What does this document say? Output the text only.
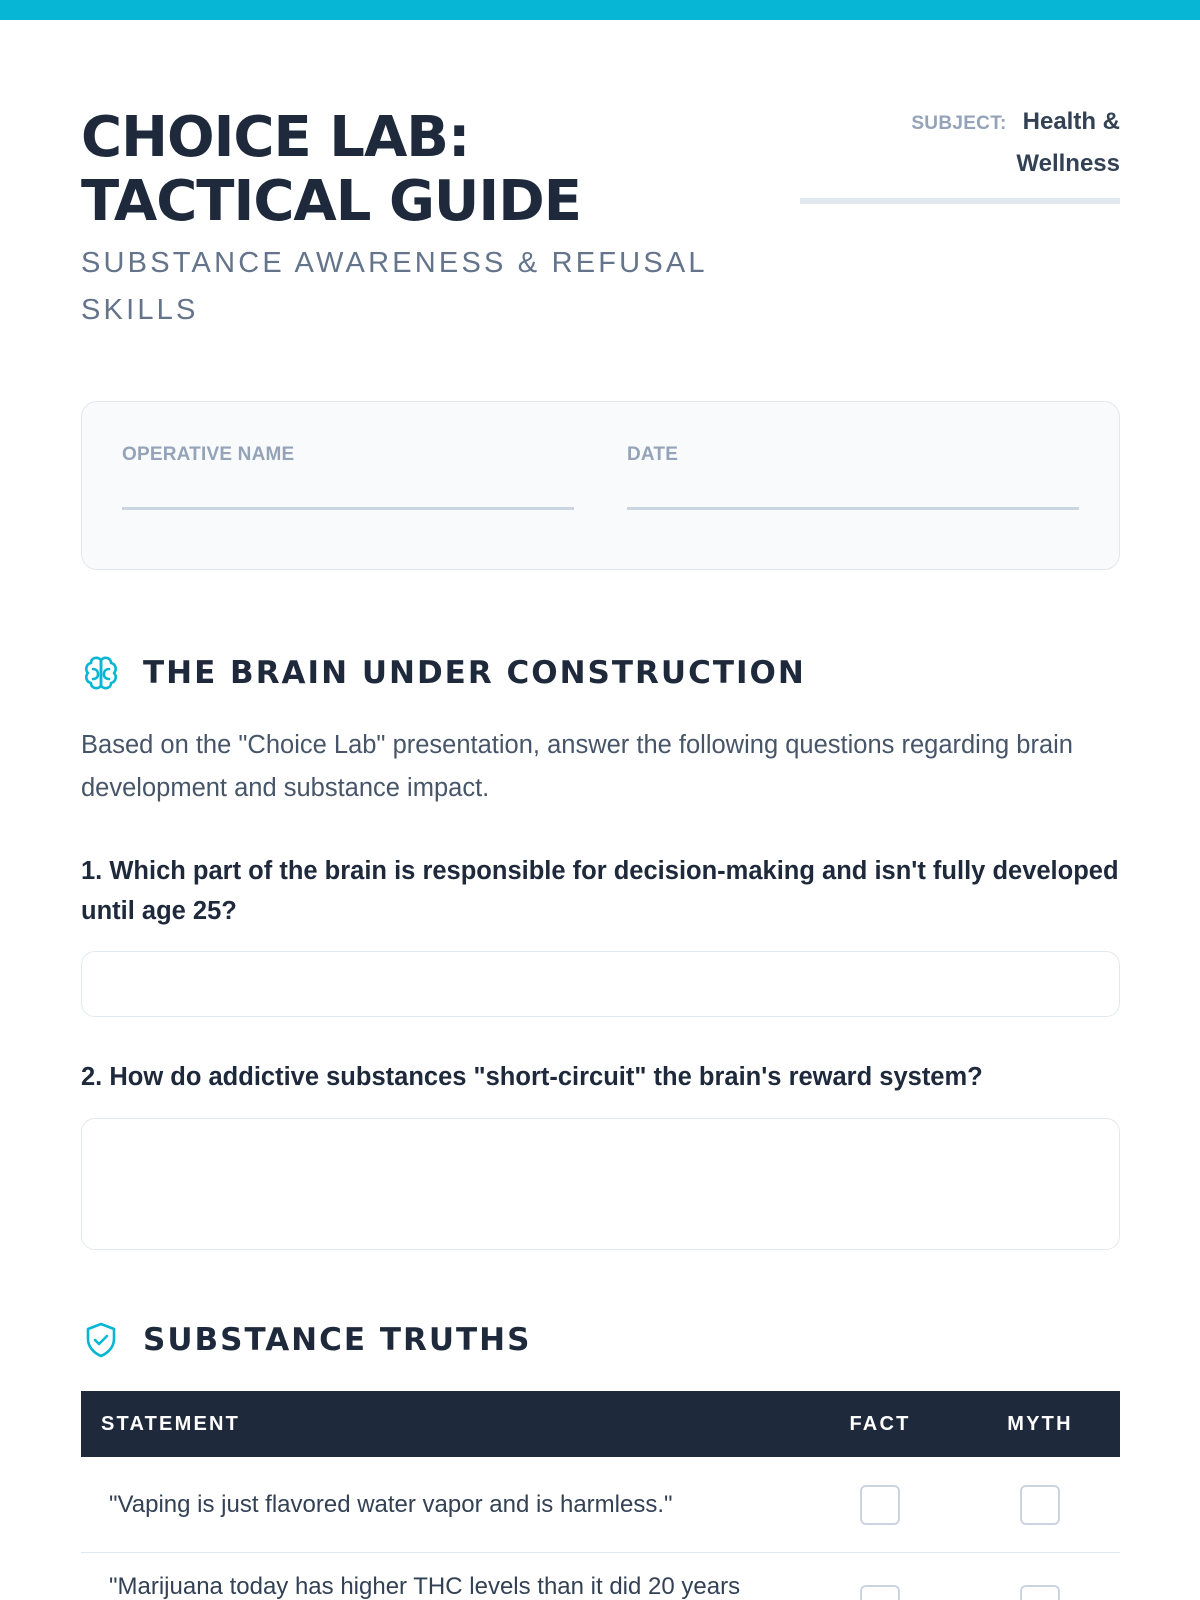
CHOICE LAB: TACTICAL GUIDE
SUBSTANCE AWARENESS & REFUSAL SKILLS
SUBJECT: Health &
Wellness
OPERATIVE NAME	DATE
THE BRAIN UNDER CONSTRUCTION

Based on the "Choice Lab" presentation, answer the following questions regarding brain development and substance impact.

1. Which part of the brain is responsible for decision-making and isn't fully developed until age 25?
2. How do addictive substances "short-circuit" the brain's reward system?
SUBSTANCE TRUTHS
STATEMENT	FACT	MYTH
"Vaping is just flavored water vapor and is harmless."
"Marijuana today has higher THC levels than it did 20 years
